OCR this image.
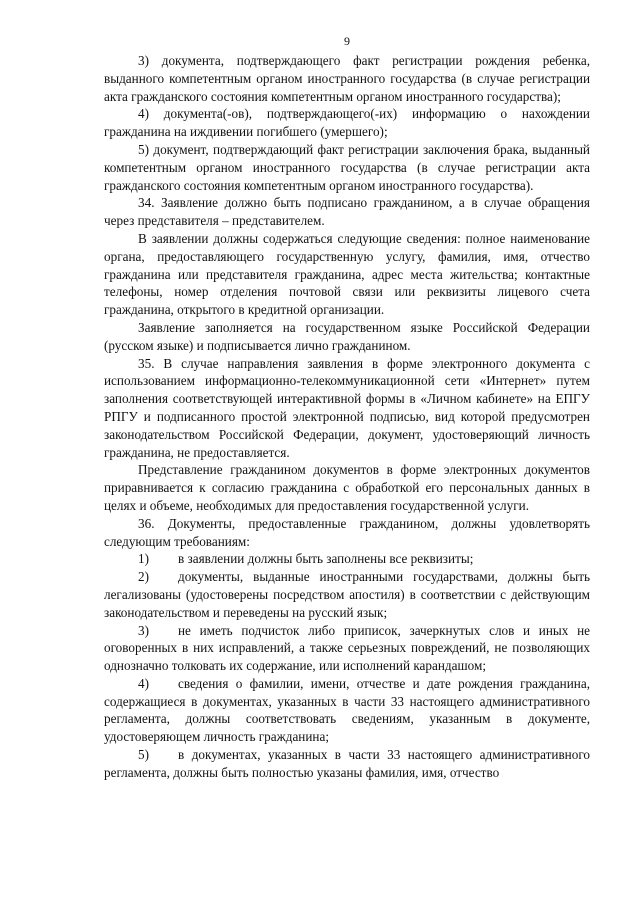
9

3) документа, подтверждающего факт регистрации рождения ребенка, выданного компетентным органом иностранного государства (в случае регистрации акта гражданского состояния компетентным органом иностранного государства);

4) документа(-ов), подтверждающего(-их) информацию о нахождении гражданина на иждивении погибшего (умершего);

5) документ, подтверждающий факт регистрации заключения брака, выданный компетентным органом иностранного государства (в случае регистрации акта гражданского состояния компетентным органом иностранного государства).

34. Заявление должно быть подписано гражданином, а в случае обращения через представителя – представителем.

В заявлении должны содержаться следующие сведения: полное наименование органа, предоставляющего государственную услугу, фамилия, имя, отчество гражданина или представителя гражданина, адрес места жительства; контактные телефоны, номер отделения почтовой связи или реквизиты лицевого счета гражданина, открытого в кредитной организации.

Заявление заполняется на государственном языке Российской Федерации (русском языке) и подписывается лично гражданином.

35. В случае направления заявления в форме электронного документа с использованием информационно-телекоммуникационной сети «Интернет» путем заполнения соответствующей интерактивной формы в «Личном кабинете» на ЕПГУ РПГУ и подписанного простой электронной подписью, вид которой предусмотрен законодательством Российской Федерации, документ, удостоверяющий личность гражданина, не предоставляется.

Представление гражданином документов в форме электронных документов приравнивается к согласию гражданина с обработкой его персональных данных в целях и объеме, необходимых для предоставления государственной услуги.

36. Документы, предоставленные гражданином, должны удовлетворять следующим требованиям:

1) в заявлении должны быть заполнены все реквизиты;

2) документы, выданные иностранными государствами, должны быть легализованы (удостоверены посредством апостиля) в соответствии с действующим законодательством и переведены на русский язык;

3) не иметь подчисток либо приписок, зачеркнутых слов и иных не оговоренных в них исправлений, а также серьезных повреждений, не позволяющих однозначно толковать их содержание, или исполнений карандашом;

4) сведения о фамилии, имени, отчестве и дате рождения гражданина, содержащиеся в документах, указанных в части 33 настоящего административного регламента, должны соответствовать сведениям, указанным в документе, удостоверяющем личность гражданина;

5) в документах, указанных в части 33 настоящего административного регламента, должны быть полностью указаны фамилия, имя, отчество
